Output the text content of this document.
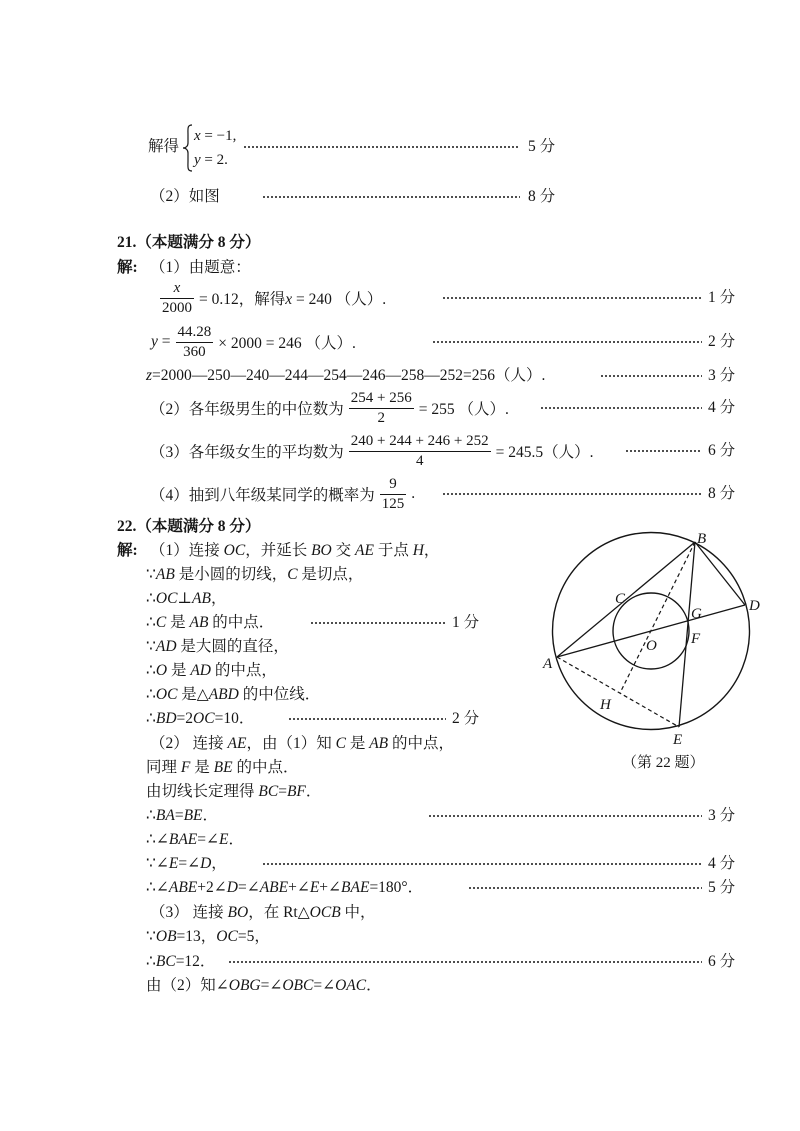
解得
x = −1,
y = 2.
5 分
（2）如图	8 分
21.（本题满分 8 分）
解: （1）由题意：
$\frac{x}{2000} = 0.12$，解得x = 240 （人）.	1 分
$y = \frac{44.28}{360} \times 2000 = 246$ （人）.	2 分
z=2000—250—240—244—254—246—258—252=256（人）.	3 分
（2）各年级男生的中位数为 $\frac{254 + 256}{2} = 255$ （人）.	4 分
（3）各年级女生的平均数为 $\frac{240 + 244 + 246 + 252}{4} = 245.5$（人）.	6 分
（4）抽到八年级某同学的概率为 $\frac{9}{125}$ .	8 分
22.（本题满分 8 分）
解: （1）连接 OC，并延长 BO 交 AE 于点 H，
∵AB 是小圆的切线，C 是切点，
∴OC⊥AB，
∴C 是 AB 的中点．	1 分
∵AD 是大圆的直径，
∴O 是 AD 的中点，
∴OC 是△ABD 的中位线．
∴BD=2OC=10．	2 分
（2） 连接 AE，由（1）知 C 是 AB 的中点，
同理 F 是 BE 的中点．
由切线长定理得 BC=BF．
∴BA=BE．	3 分
∴∠BAE=∠E．
∵∠E=∠D，	4 分
∴∠ABE+2∠D=∠ABE+∠E+∠BAE=180°．	5 分
（3） 连接 BO，在 Rt△OCB 中，
∵OB=13，OC=5，
∴BC=12．	6 分
由（2）知∠OBG=∠OBC=∠OAC．
B
A
D
E
C
O
G
F
H
（第 22 题）
